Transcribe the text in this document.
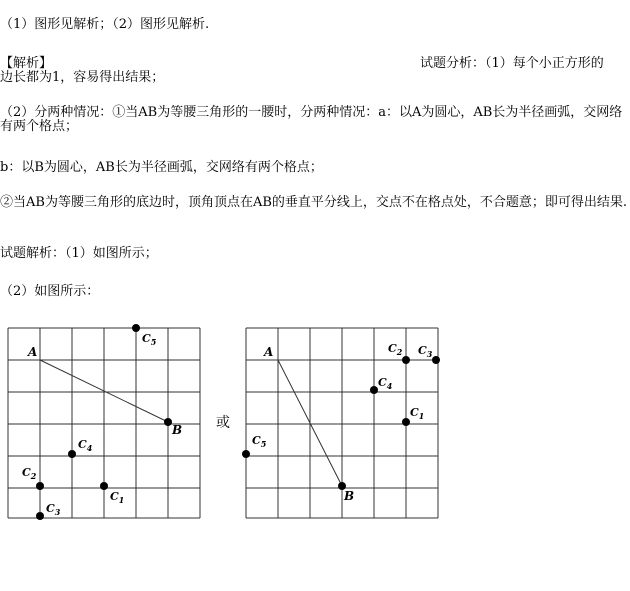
（1）图形见解析；（2）图形见解析.
【解析】	试题分析：（1）每个小正方形的
边长都为1，容易得出结果；
（2）分两种情况：①当AB为等腰三角形的一腰时，分两种情况：a：以A为圆心，AB长为半径画弧，交网络有两个格点；
b：以B为圆心，AB长为半径画弧，交网络有两个格点；
②当AB为等腰三角形的底边时，顶角顶点在AB的垂直平分线上，交点不在格点处，不合题意；即可得出结果.
试题解析：（1）如图所示；
（2）如图所示：
A
B
$C_5$
$C_4$
$C_2$
$C_1$
$C_3$
或
A
B
$C_2$ $C_3$
$C_4$
$C_1$
$C_5$
